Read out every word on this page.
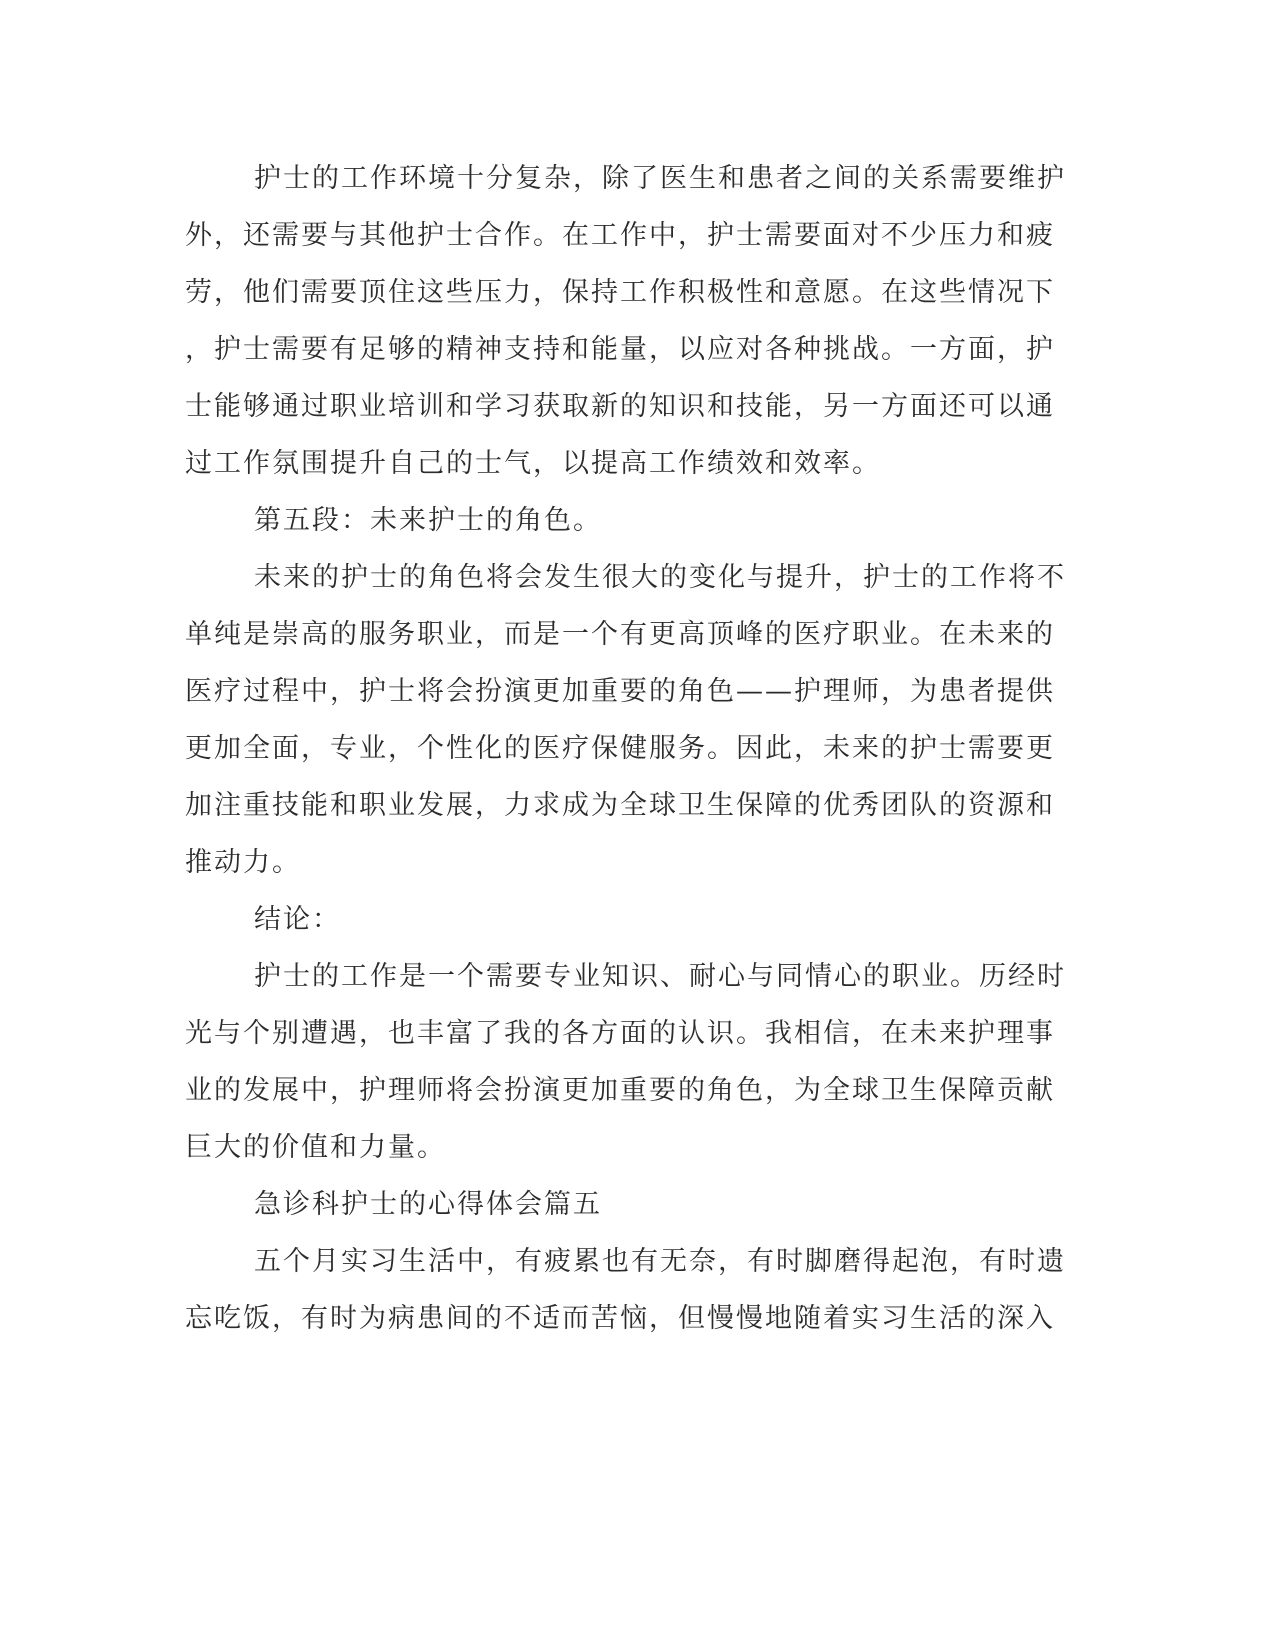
护士的工作环境十分复杂，除了医生和患者之间的关系需要维护
外，还需要与其他护士合作。在工作中，护士需要面对不少压力和疲
劳，他们需要顶住这些压力，保持工作积极性和意愿。在这些情况下
，护士需要有足够的精神支持和能量，以应对各种挑战。一方面，护
士能够通过职业培训和学习获取新的知识和技能，另一方面还可以通
过工作氛围提升自己的士气，以提高工作绩效和效率。
第五段：未来护士的角色。
未来的护士的角色将会发生很大的变化与提升，护士的工作将不
单纯是崇高的服务职业，而是一个有更高顶峰的医疗职业。在未来的
医疗过程中，护士将会扮演更加重要的角色——护理师，为患者提供
更加全面，专业，个性化的医疗保健服务。因此，未来的护士需要更
加注重技能和职业发展，力求成为全球卫生保障的优秀团队的资源和
推动力。
结论：
护士的工作是一个需要专业知识、耐心与同情心的职业。历经时
光与个别遭遇，也丰富了我的各方面的认识。我相信，在未来护理事
业的发展中，护理师将会扮演更加重要的角色，为全球卫生保障贡献
巨大的价值和力量。
急诊科护士的心得体会篇五
五个月实习生活中，有疲累也有无奈，有时脚磨得起泡，有时遗
忘吃饭，有时为病患间的不适而苦恼，但慢慢地随着实习生活的深入
